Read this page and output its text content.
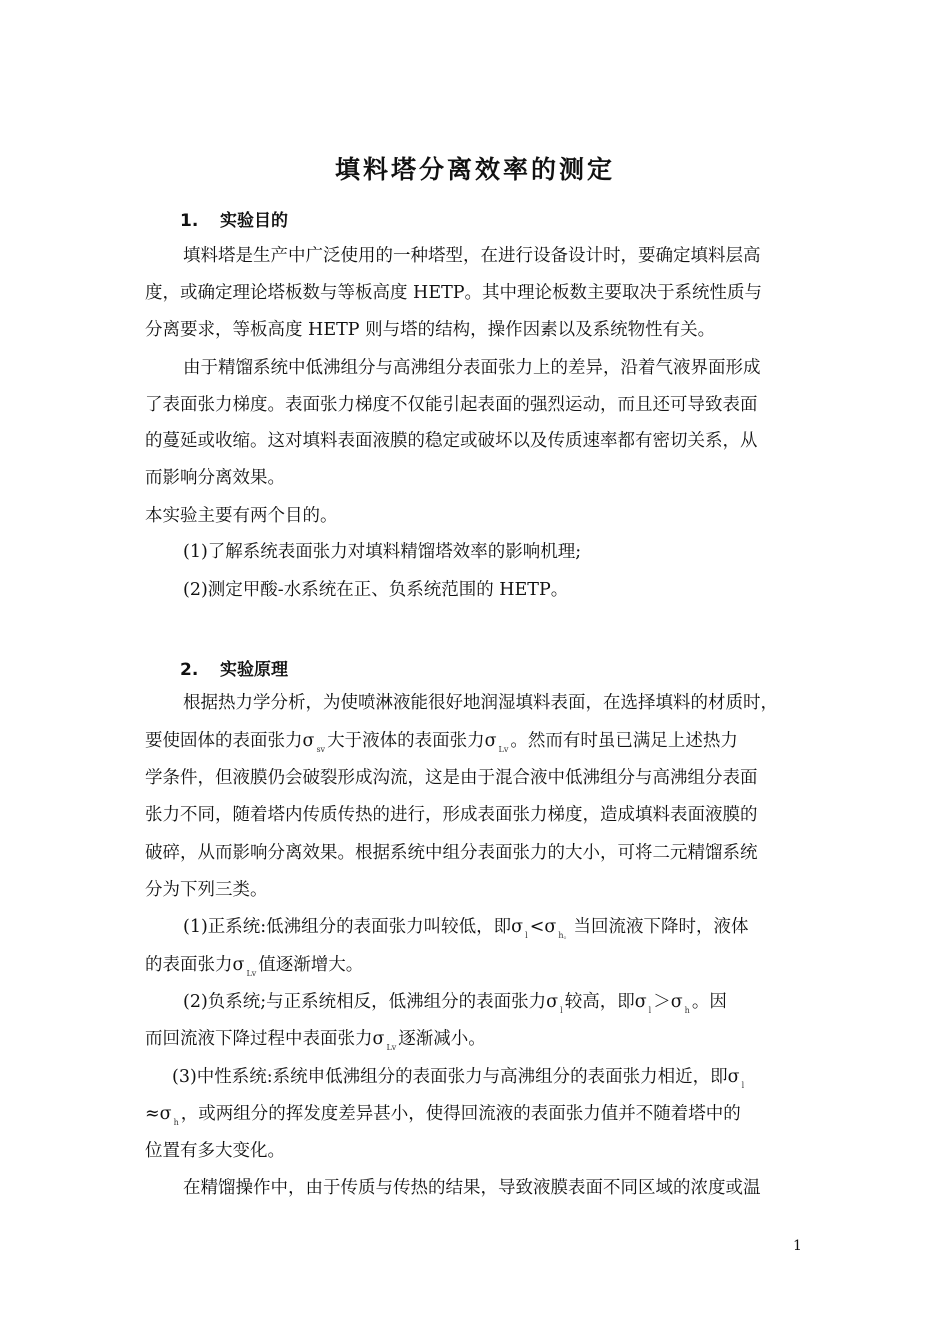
填料塔分离效率的测定
1. 实验目的
填料塔是生产中广泛使用的一种塔型，在进行设备设计时，要确定填料层高
度，或确定理论塔板数与等板高度 HETP。其中理论板数主要取决于系统性质与
分离要求，等板高度 HETP 则与塔的结构，操作因素以及系统物性有关。
由于精馏系统中低沸组分与高沸组分表面张力上的差异，沿着气液界面形成
了表面张力梯度。表面张力梯度不仅能引起表面的强烈运动，而且还可导致表面
的蔓延或收缩。这对填料表面液膜的稳定或破坏以及传质速率都有密切关系，从
而影响分离效果。
本实验主要有两个目的。
(1)了解系统表面张力对填料精馏塔效率的影响机理;
(2)测定甲酸-水系统在正、负系统范围的 HETP。
2. 实验原理
根据热力学分析，为使喷淋液能很好地润湿填料表面，在选择填料的材质时，
要使固体的表面张力σ $_{sv}$ 大于液体的表面张力σ $_{Lv}$ 。然而有时虽已满足上述热力
学条件，但液膜仍会破裂形成沟流，这是由于混合液中低沸组分与高沸组分表面
张力不同，随着塔内传质传热的进行，形成表面张力梯度，造成填料表面液膜的
破碎，从而影响分离效果。根据系统中组分表面张力的大小，可将二元精馏系统
分为下列三类。
(1)正系统:低沸组分的表面张力叫较低，即σ $_l$ <σ $_{h。}$ 当回流液下降时，液体
的表面张力σ $_{Lv}$ 值逐渐增大。
(2)负系统;与正系统相反，低沸组分的表面张力σ $_l$ 较高，即σ $_l$ ＞σ $_h$ 。因
而回流液下降过程中表面张力σ $_{Lv}$ 逐渐减小。
(3)中性系统:系统申低沸组分的表面张力与高沸组分的表面张力相近，即σ $_l$
≈σ $_h$ ，或两组分的挥发度差异甚小，使得回流液的表面张力值并不随着塔中的
位置有多大变化。
在精馏操作中，由于传质与传热的结果，导致液膜表面不同区域的浓度或温
1
